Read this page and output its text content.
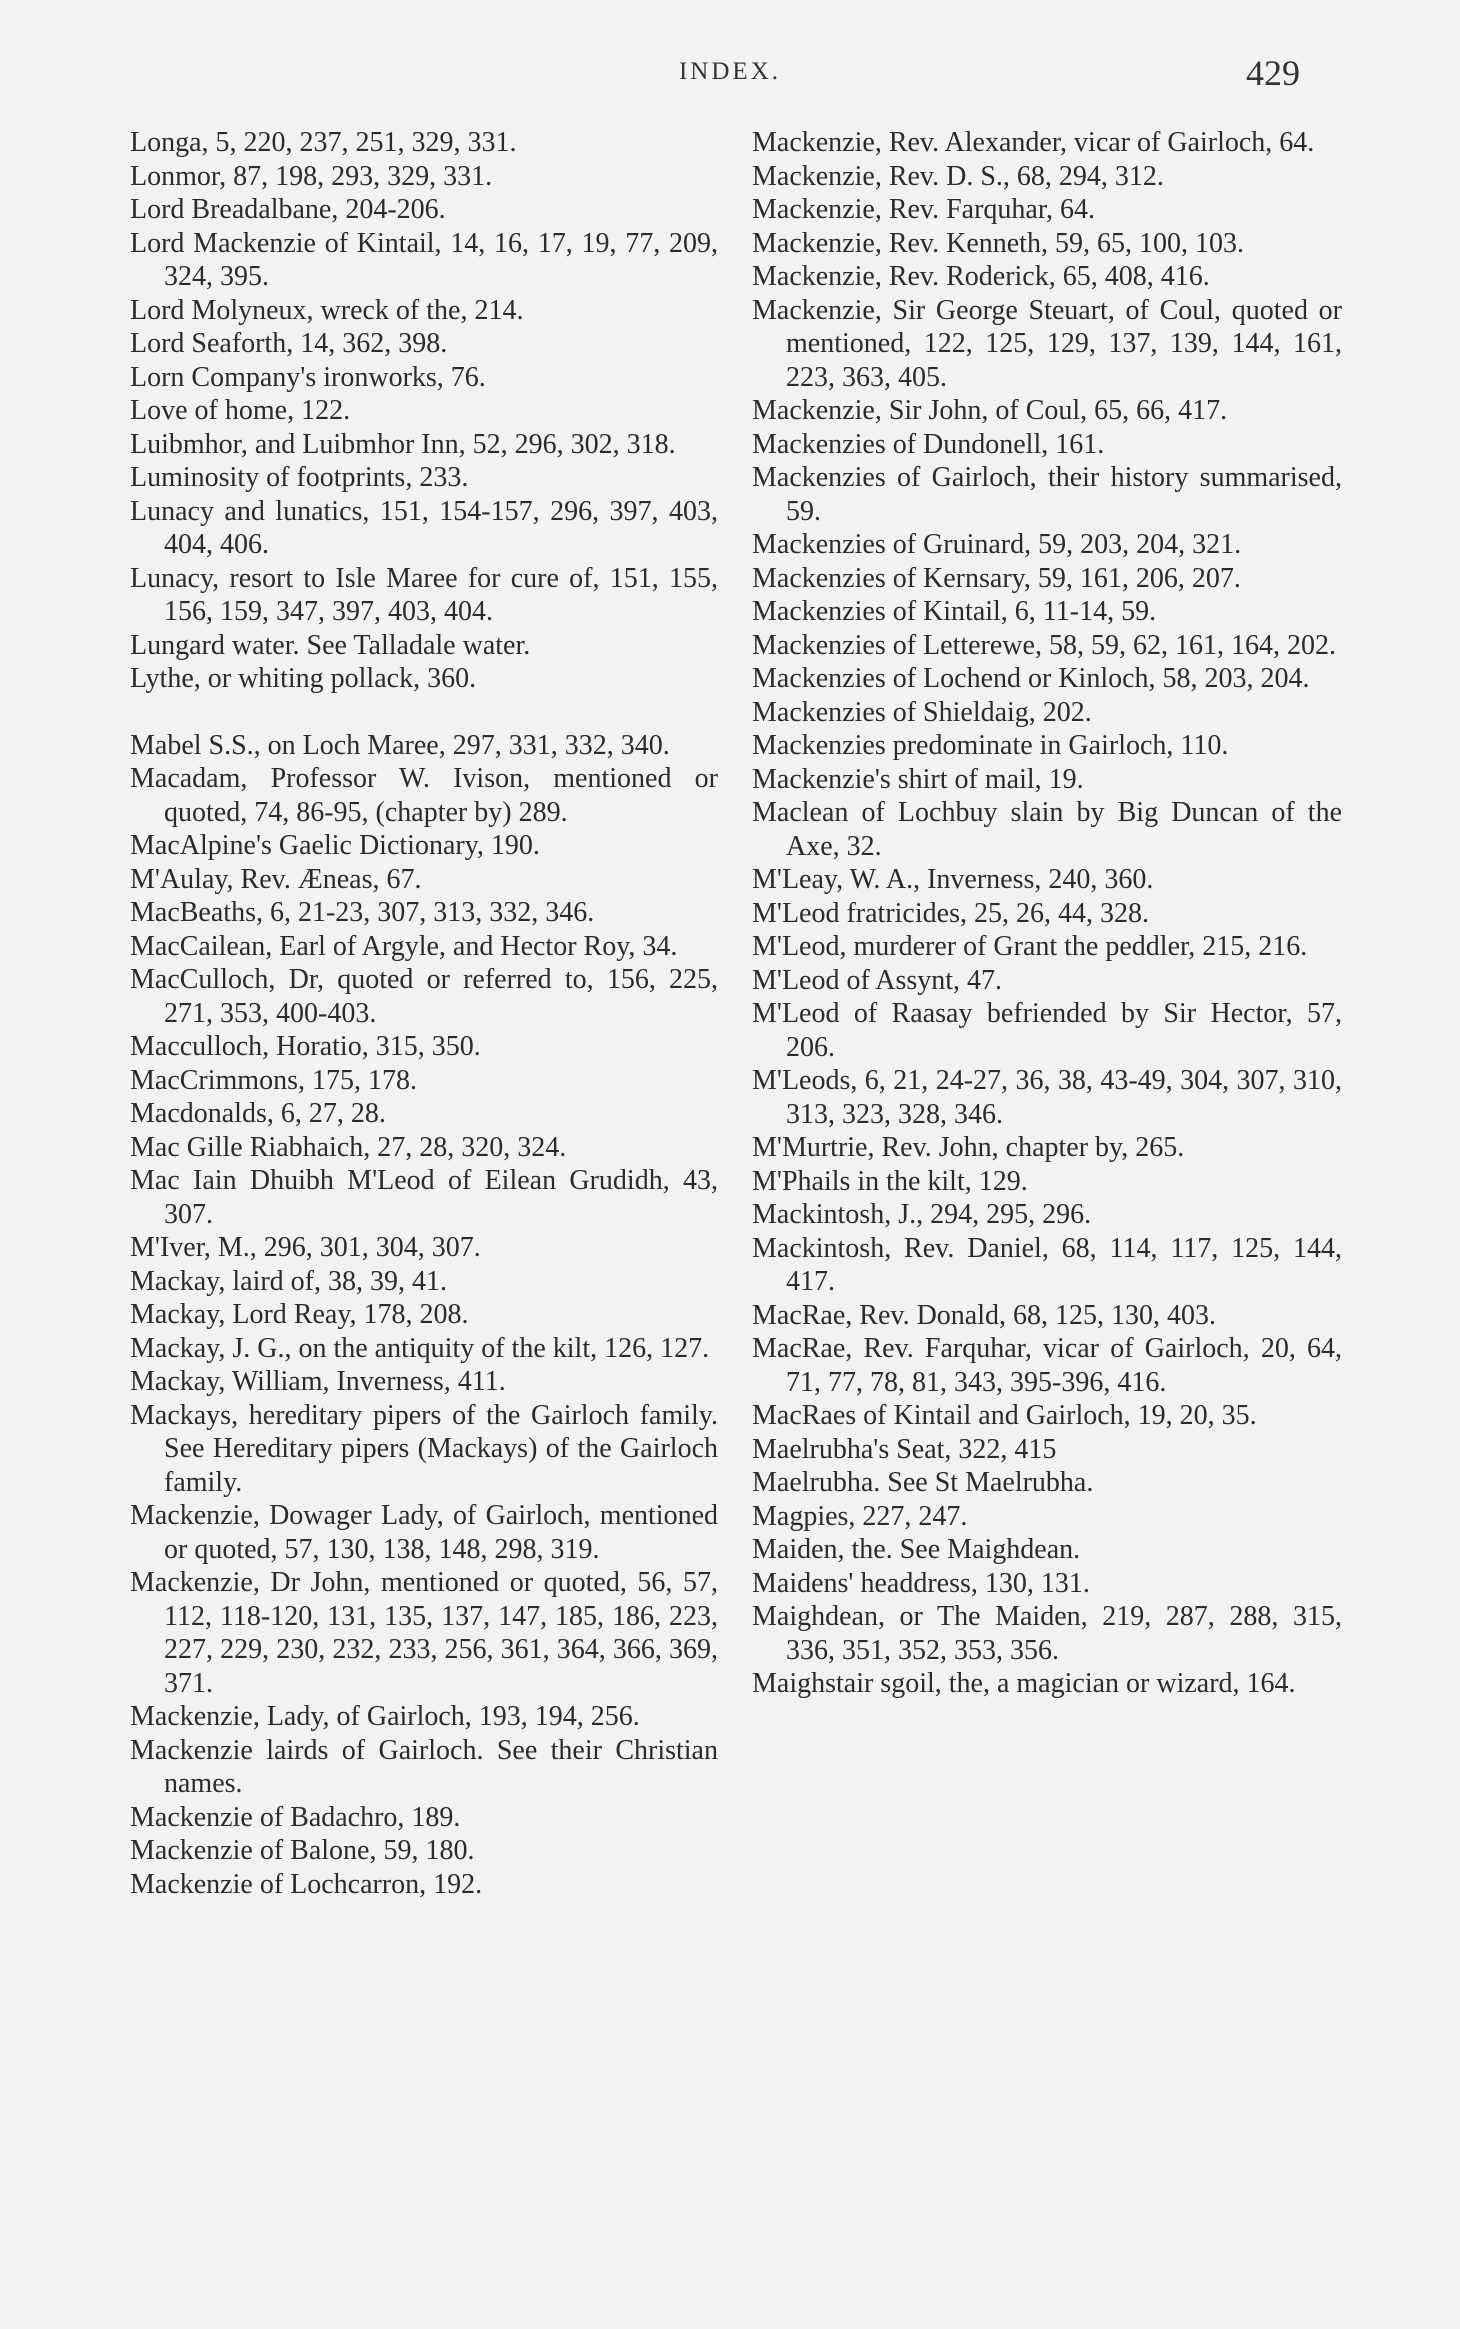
INDEX.	429
Longa, 5, 220, 237, 251, 329, 331.
Lonmor, 87, 198, 293, 329, 331.
Lord Breadalbane, 204-206.
Lord Mackenzie of Kintail, 14, 16, 17, 19, 77, 209, 324, 395.
Lord Molyneux, wreck of the, 214.
Lord Seaforth, 14, 362, 398.
Lorn Company's ironworks, 76.
Love of home, 122.
Luibmhor, and Luibmhor Inn, 52, 296, 302, 318.
Luminosity of footprints, 233.
Lunacy and lunatics, 151, 154-157, 296, 397, 403, 404, 406.
Lunacy, resort to Isle Maree for cure of, 151, 155, 156, 159, 347, 397, 403, 404.
Lungard water. See Talladale water.
Lythe, or whiting pollack, 360.
Mabel S.S., on Loch Maree, 297, 331, 332, 340.
Macadam, Professor W. Ivison, mentioned or quoted, 74, 86-95, (chapter by) 289.
MacAlpine's Gaelic Dictionary, 190.
M'Aulay, Rev. Æneas, 67.
MacBeaths, 6, 21-23, 307, 313, 332, 346.
MacCailean, Earl of Argyle, and Hector Roy, 34.
MacCulloch, Dr, quoted or referred to, 156, 225, 271, 353, 400-403.
Macculloch, Horatio, 315, 350.
MacCrimmons, 175, 178.
Macdonalds, 6, 27, 28.
Mac Gille Riabhaich, 27, 28, 320, 324.
Mac Iain Dhuibh M'Leod of Eilean Grudidh, 43, 307.
M'Iver, M., 296, 301, 304, 307.
Mackay, laird of, 38, 39, 41.
Mackay, Lord Reay, 178, 208.
Mackay, J. G., on the antiquity of the kilt, 126, 127.
Mackay, William, Inverness, 411.
Mackays, hereditary pipers of the Gairloch family. See Hereditary pipers (Mackays) of the Gairloch family.
Mackenzie, Dowager Lady, of Gairloch, mentioned or quoted, 57, 130, 138, 148, 298, 319.
Mackenzie, Dr John, mentioned or quoted, 56, 57, 112, 118-120, 131, 135, 137, 147, 185, 186, 223, 227, 229, 230, 232, 233, 256, 361, 364, 366, 369, 371.
Mackenzie, Lady, of Gairloch, 193, 194, 256.
Mackenzie lairds of Gairloch. See their Christian names.
Mackenzie of Badachro, 189.
Mackenzie of Balone, 59, 180.
Mackenzie of Lochcarron, 192.
Mackenzie, Rev. Alexander, vicar of Gairloch, 64.
Mackenzie, Rev. D. S., 68, 294, 312.
Mackenzie, Rev. Farquhar, 64.
Mackenzie, Rev. Kenneth, 59, 65, 100, 103.
Mackenzie, Rev. Roderick, 65, 408, 416.
Mackenzie, Sir George Steuart, of Coul, quoted or mentioned, 122, 125, 129, 137, 139, 144, 161, 223, 363, 405.
Mackenzie, Sir John, of Coul, 65, 66, 417.
Mackenzies of Dundonell, 161.
Mackenzies of Gairloch, their history summarised, 59.
Mackenzies of Gruinard, 59, 203, 204, 321.
Mackenzies of Kernsary, 59, 161, 206, 207.
Mackenzies of Kintail, 6, 11-14, 59.
Mackenzies of Letterewe, 58, 59, 62, 161, 164, 202.
Mackenzies of Lochend or Kinloch, 58, 203, 204.
Mackenzies of Shieldaig, 202.
Mackenzies predominate in Gairloch, 110.
Mackenzie's shirt of mail, 19.
Maclean of Lochbuy slain by Big Duncan of the Axe, 32.
M'Leay, W. A., Inverness, 240, 360.
M'Leod fratricides, 25, 26, 44, 328.
M'Leod, murderer of Grant the peddler, 215, 216.
M'Leod of Assynt, 47.
M'Leod of Raasay befriended by Sir Hector, 57, 206.
M'Leods, 6, 21, 24-27, 36, 38, 43-49, 304, 307, 310, 313, 323, 328, 346.
M'Murtrie, Rev. John, chapter by, 265.
M'Phails in the kilt, 129.
Mackintosh, J., 294, 295, 296.
Mackintosh, Rev. Daniel, 68, 114, 117, 125, 144, 417.
MacRae, Rev. Donald, 68, 125, 130, 403.
MacRae, Rev. Farquhar, vicar of Gairloch, 20, 64, 71, 77, 78, 81, 343, 395-396, 416.
MacRaes of Kintail and Gairloch, 19, 20, 35.
Maelrubha's Seat, 322, 415
Maelrubha. See St Maelrubha.
Magpies, 227, 247.
Maiden, the. See Maighdean.
Maidens' headdress, 130, 131.
Maighdean, or The Maiden, 219, 287, 288, 315, 336, 351, 352, 353, 356.
Maighstair sgoil, the, a magician or wizard, 164.
